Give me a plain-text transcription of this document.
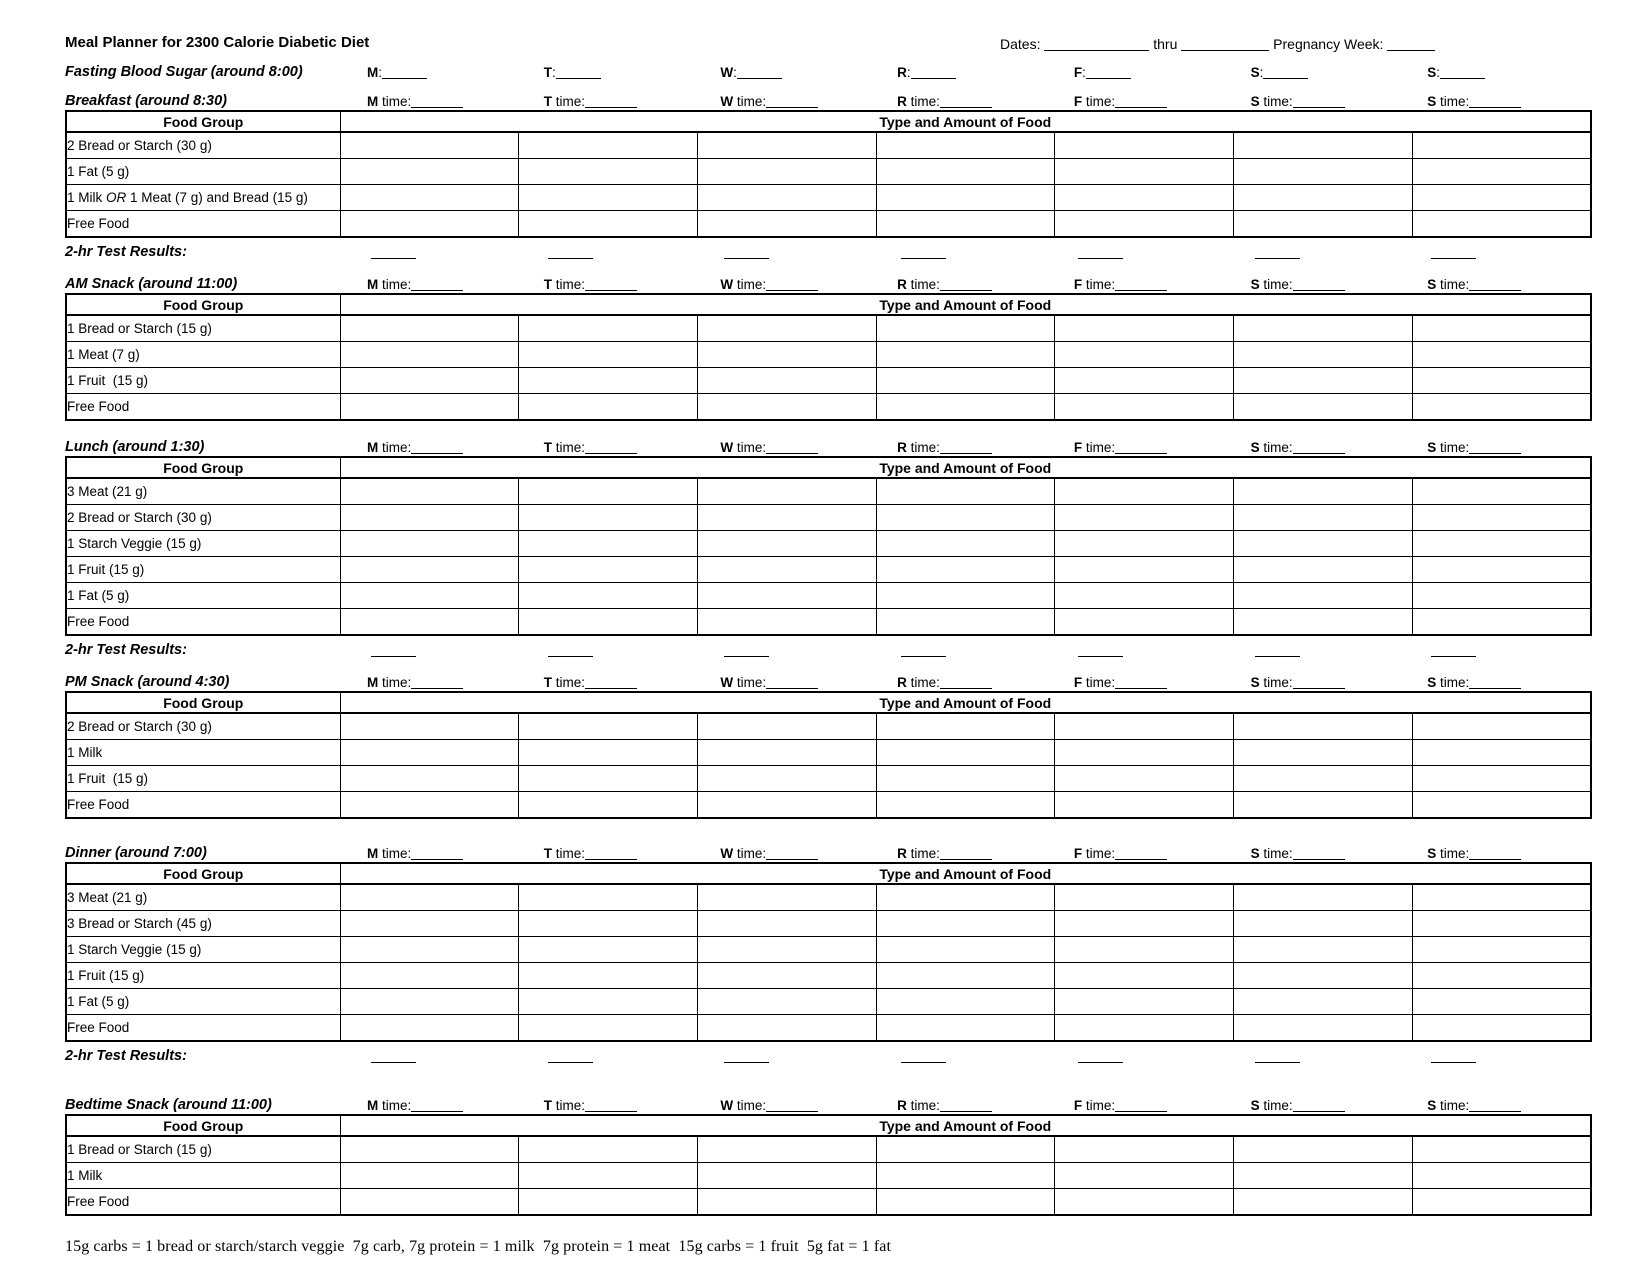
Meal Planner for 2300 Calorie Diabetic Diet	Dates:	thru	Pregnancy Week:
Fasting Blood Sugar (around 8:00)	M:	T:	W:	R:	F:	S:	S:
Breakfast (around 8:30)	M time:	T time:	W time:	R time:	F time:	S time:	S time:
Food Group	Type and Amount of Food						
2 Bread or Starch (30 g)							
1 Fat (5 g)							
1 Milk OR 1 Meat (7 g) and Bread (15 g)							
Free Food							
2-hr Test Results:
AM Snack (around 11:00)	M time:	T time:	W time:	R time:	F time:	S time:	S time:
Food Group	Type and Amount of Food						
1 Bread or Starch (15 g)							
1 Meat (7 g)							
1 Fruit  (15 g)							
Free Food							
Lunch (around 1:30)	M time:	T time:	W time:	R time:	F time:	S time:	S time:
Food Group	Type and Amount of Food						
3 Meat (21 g)							
2 Bread or Starch (30 g)							
1 Starch Veggie (15 g)							
1 Fruit (15 g)							
1 Fat (5 g)							
Free Food							
2-hr Test Results:
PM Snack (around 4:30)	M time:	T time:	W time:	R time:	F time:	S time:	S time:
Food Group	Type and Amount of Food						
2 Bread or Starch (30 g)							
1 Milk							
1 Fruit  (15 g)							
Free Food							
Dinner (around 7:00)	M time:	T time:	W time:	R time:	F time:	S time:	S time:
Food Group	Type and Amount of Food						
3 Meat (21 g)							
3 Bread or Starch (45 g)							
1 Starch Veggie (15 g)							
1 Fruit (15 g)							
1 Fat (5 g)							
Free Food							
2-hr Test Results:
Bedtime Snack (around 11:00)	M time:	T time:	W time:	R time:	F time:	S time:	S time:
Food Group	Type and Amount of Food						
1 Bread or Starch (15 g)							
1 Milk							
Free Food							
15g carbs = 1 bread or starch/starch veggie  7g carb, 7g protein = 1 milk  7g protein = 1 meat  15g carbs = 1 fruit  5g fat = 1 fat
